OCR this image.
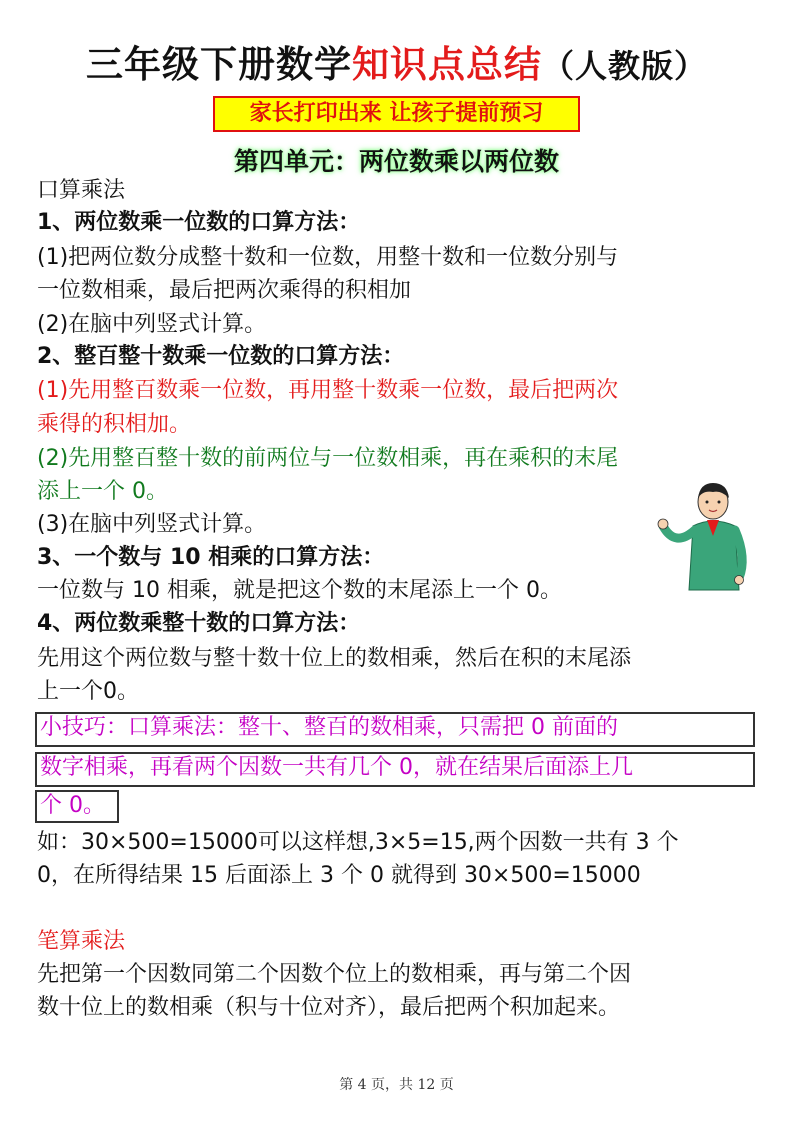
三年级下册数学知识点总结（人教版）
家长打印出来 让孩子提前预习
第四单元：两位数乘以两位数
口算乘法
1、两位数乘一位数的口算方法：
(1)把两位数分成整十数和一位数，用整十数和一位数分别与
一位数相乘，最后把两次乘得的积相加
(2)在脑中列竖式计算。
2、整百整十数乘一位数的口算方法：
(1)先用整百数乘一位数，再用整十数乘一位数，最后把两次
乘得的积相加。
(2)先用整百整十数的前两位与一位数相乘，再在乘积的末尾
添上一个 0。
(3)在脑中列竖式计算。
3、一个数与 10 相乘的口算方法：
一位数与 10 相乘，就是把这个数的末尾添上一个 0。
4、两位数乘整十数的口算方法：
先用这个两位数与整十数十位上的数相乘，然后在积的末尾添
上一个0。
小技巧：口算乘法：整十、整百的数相乘，只需把 0 前面的
数字相乘，再看两个因数一共有几个 0，就在结果后面添上几
个 0。
如：30×500=15000可以这样想,3×5=15,两个因数一共有 3 个
0，在所得结果 15 后面添上 3 个 0 就得到 30×500=15000
笔算乘法
先把第一个因数同第二个因数个位上的数相乘，再与第二个因
数十位上的数相乘（积与十位对齐），最后把两个积加起来。
第 4 页，共 12 页
